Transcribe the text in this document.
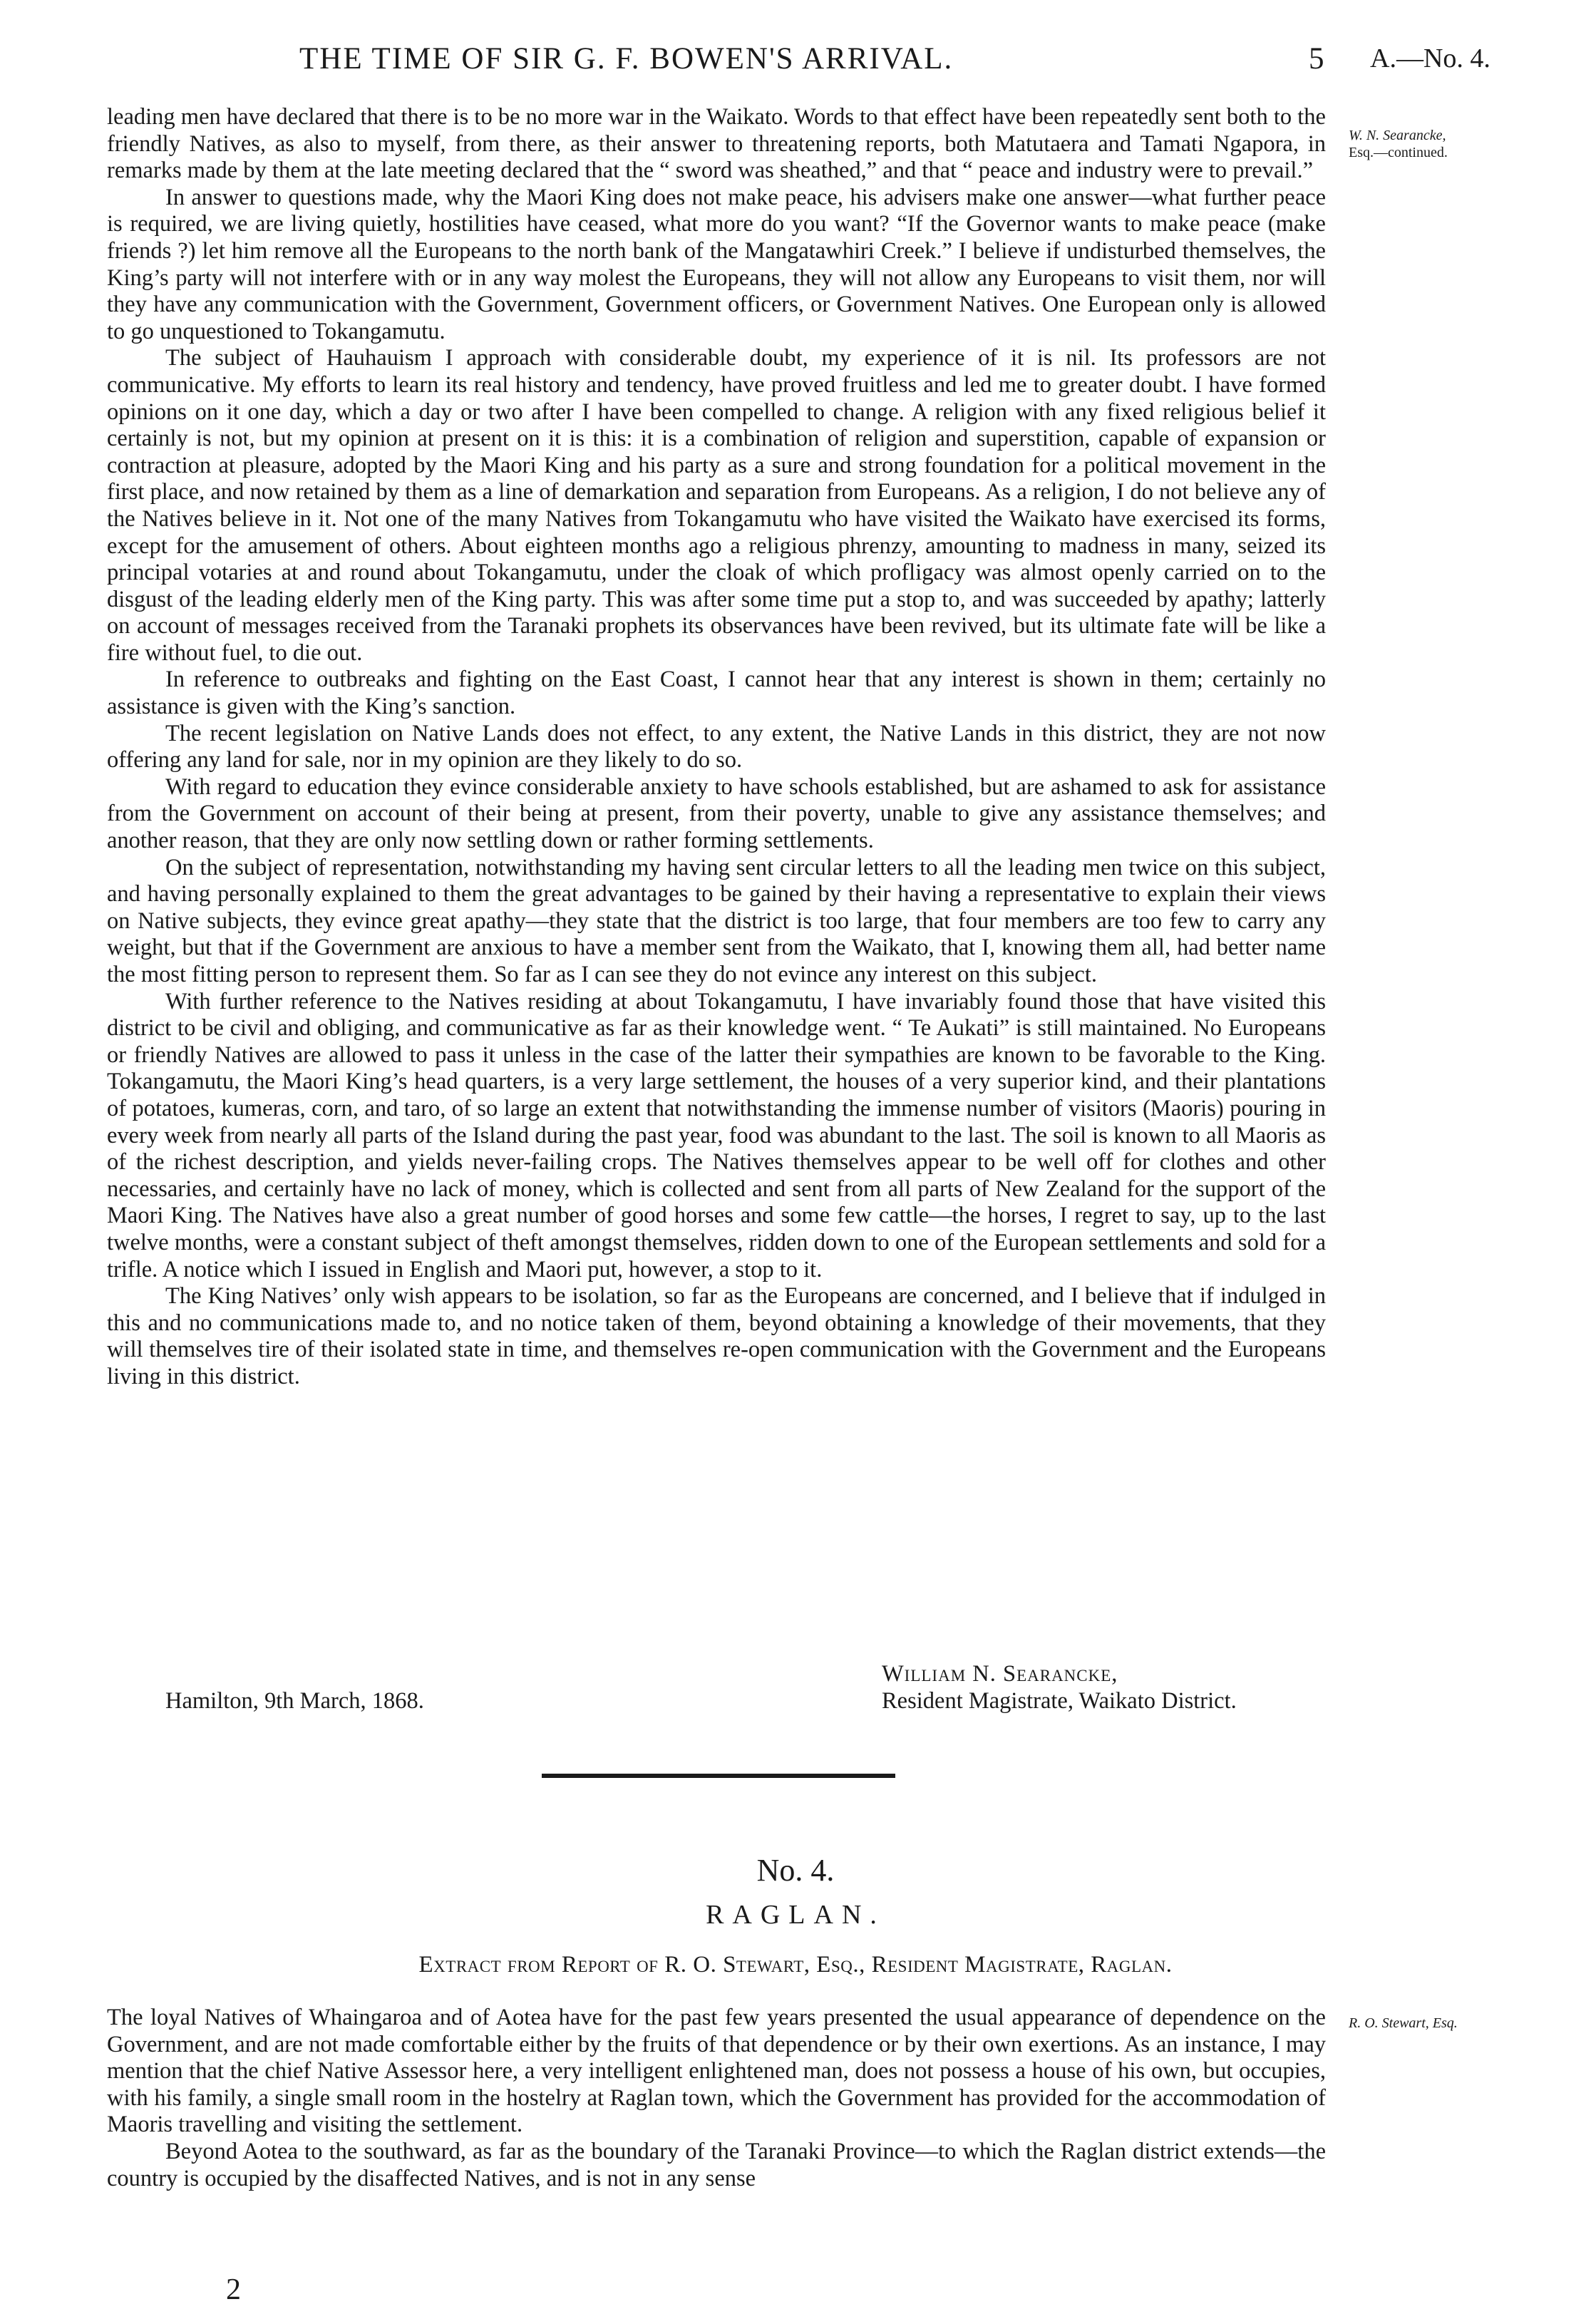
THE TIME OF SIR G. F. BOWEN'S ARRIVAL.	5 A.—No. 4.
W. N. Searancke,
Esq.—continued.

leading men have declared that there is to be no more war in the Waikato. Words to that effect have been repeatedly sent both to the friendly Natives, as also to myself, from there, as their answer to threatening reports, both Matutaera and Tamati Ngapora, in remarks made by them at the late meeting declared that the “ sword was sheathed,” and that “ peace and industry were to prevail.”

In answer to questions made, why the Maori King does not make peace, his advisers make one answer—what further peace is required, we are living quietly, hostilities have ceased, what more do you want? “If the Governor wants to make peace (make friends ?) let him remove all the Europeans to the north bank of the Mangatawhiri Creek.” I believe if undisturbed themselves, the King’s party will not interfere with or in any way molest the Europeans, they will not allow any Europeans to visit them, nor will they have any communication with the Government, Government officers, or Government Natives. One European only is allowed to go unquestioned to Tokangamutu.

The subject of Hauhauism I approach with considerable doubt, my experience of it is nil. Its professors are not communicative. My efforts to learn its real history and tendency, have proved fruitless and led me to greater doubt. I have formed opinions on it one day, which a day or two after I have been compelled to change. A religion with any fixed religious belief it certainly is not, but my opinion at present on it is this: it is a combination of religion and superstition, capable of expansion or contraction at pleasure, adopted by the Maori King and his party as a sure and strong foundation for a political movement in the first place, and now retained by them as a line of demarkation and separation from Europeans. As a religion, I do not believe any of the Natives believe in it. Not one of the many Natives from Tokangamutu who have visited the Waikato have exercised its forms, except for the amusement of others. About eighteen months ago a religious phrenzy, amounting to madness in many, seized its principal votaries at and round about Tokangamutu, under the cloak of which profligacy was almost openly carried on to the disgust of the leading elderly men of the King party. This was after some time put a stop to, and was succeeded by apathy; latterly on account of messages received from the Taranaki prophets its observances have been revived, but its ultimate fate will be like a fire without fuel, to die out.

In reference to outbreaks and fighting on the East Coast, I cannot hear that any interest is shown in them; certainly no assistance is given with the King’s sanction.

The recent legislation on Native Lands does not effect, to any extent, the Native Lands in this district, they are not now offering any land for sale, nor in my opinion are they likely to do so.

With regard to education they evince considerable anxiety to have schools established, but are ashamed to ask for assistance from the Government on account of their being at present, from their poverty, unable to give any assistance themselves; and another reason, that they are only now settling down or rather forming settlements.

On the subject of representation, notwithstanding my having sent circular letters to all the leading men twice on this subject, and having personally explained to them the great advantages to be gained by their having a representative to explain their views on Native subjects, they evince great apathy—they state that the district is too large, that four members are too few to carry any weight, but that if the Government are anxious to have a member sent from the Waikato, that I, knowing them all, had better name the most fitting person to represent them. So far as I can see they do not evince any interest on this subject.

With further reference to the Natives residing at about Tokangamutu, I have invariably found those that have visited this district to be civil and obliging, and communicative as far as their knowledge went. “ Te Aukati” is still maintained. No Europeans or friendly Natives are allowed to pass it unless in the case of the latter their sympathies are known to be favorable to the King. Tokangamutu, the Maori King’s head quarters, is a very large settlement, the houses of a very superior kind, and their plantations of potatoes, kumeras, corn, and taro, of so large an extent that notwithstanding the immense number of visitors (Maoris) pouring in every week from nearly all parts of the Island during the past year, food was abundant to the last. The soil is known to all Maoris as of the richest description, and yields never-failing crops. The Natives themselves appear to be well off for clothes and other necessaries, and certainly have no lack of money, which is collected and sent from all parts of New Zealand for the support of the Maori King. The Natives have also a great number of good horses and some few cattle—the horses, I regret to say, up to the last twelve months, were a constant subject of theft amongst themselves, ridden down to one of the European settlements and sold for a trifle. A notice which I issued in English and Maori put, however, a stop to it.

The King Natives’ only wish appears to be isolation, so far as the Europeans are concerned, and I believe that if indulged in this and no communications made to, and no notice taken of them, beyond obtaining a knowledge of their movements, that they will themselves tire of their isolated state in time, and themselves re-open communication with the Government and the Europeans living in this district.

William N. Searancke,
Hamilton, 9th March, 1868.	Resident Magistrate, Waikato District.
No. 4.
RAGLAN.
Extract from Report of R. O. Stewart, Esq., Resident Magistrate, Raglan.
R. O. Stewart, Esq.

The loyal Natives of Whaingaroa and of Aotea have for the past few years presented the usual appearance of dependence on the Government, and are not made comfortable either by the fruits of that dependence or by their own exertions. As an instance, I may mention that the chief Native Assessor here, a very intelligent enlightened man, does not possess a house of his own, but occupies, with his family, a single small room in the hostelry at Raglan town, which the Government has provided for the accommodation of Maoris travelling and visiting the settlement.

Beyond Aotea to the southward, as far as the boundary of the Taranaki Province—to which the Raglan district extends—the country is occupied by the disaffected Natives, and is not in any sense

2
